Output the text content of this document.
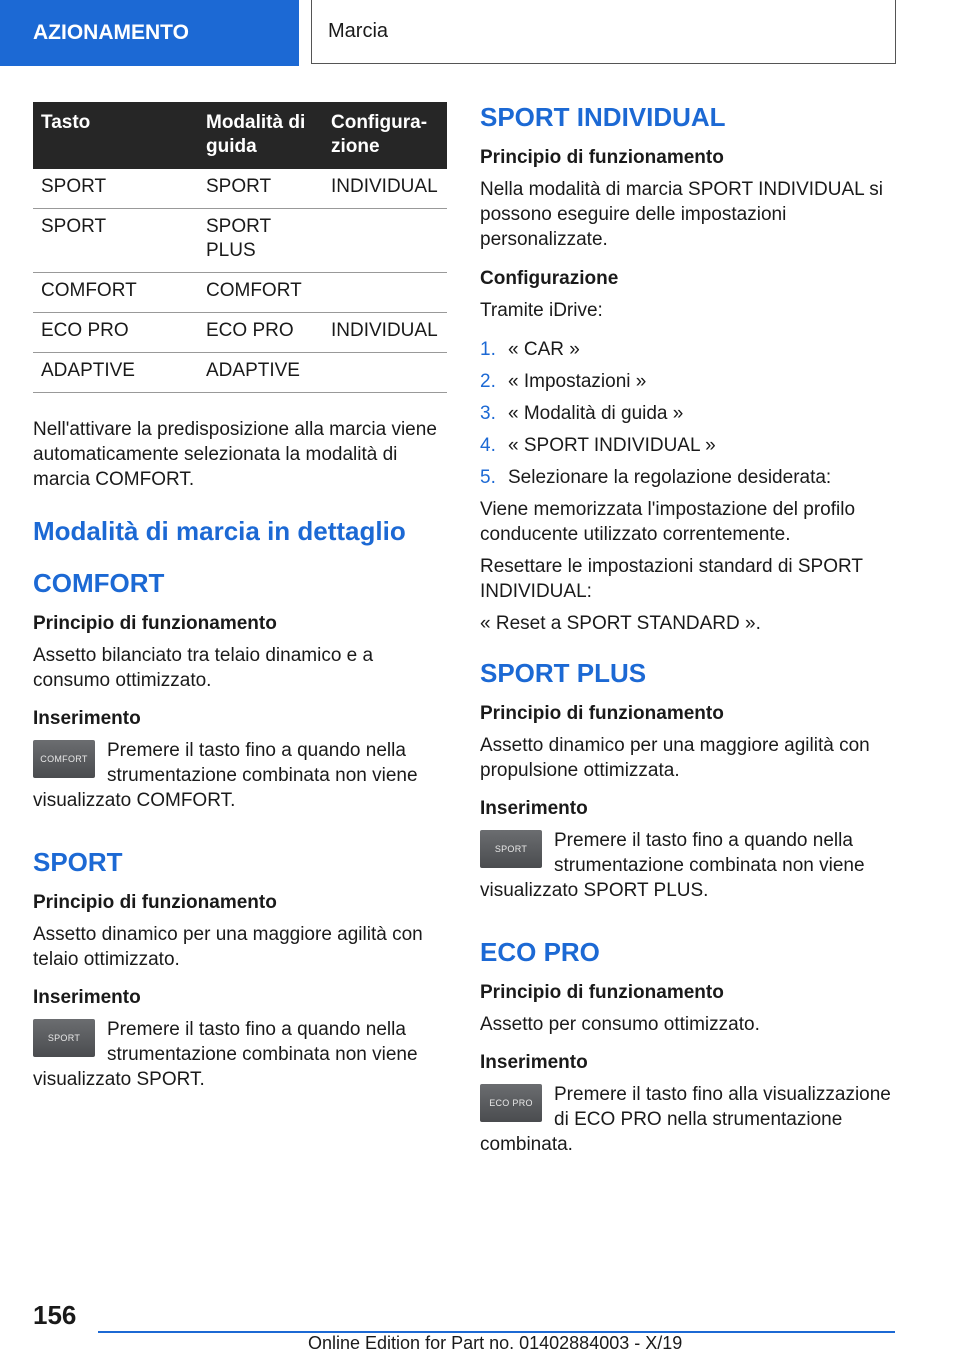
AZIONAMENTO	Marcia
Tasto	Modalità di guida	Configura-zione
SPORT	SPORT	INDIVIDUAL
SPORT	SPORT PLUS	
COMFORT	COMFORT	
ECO PRO	ECO PRO	INDIVIDUAL
ADAPTIVE	ADAPTIVE	

Nell'attivare la predisposizione alla marcia viene automaticamente selezionata la modalità di marcia COMFORT.

Modalità di marcia in dettaglio
COMFORT

Principio di funzionamento

Assetto bilanciato tra telaio dinamico e a consumo ottimizzato.

Inserimento

COMFORT	Premere il tasto fino a quando nella strumentazione combinata non viene visualizzato COMFORT.

SPORT

Principio di funzionamento

Assetto dinamico per una maggiore agilità con telaio ottimizzato.

Inserimento

SPORT	Premere il tasto fino a quando nella strumentazione combinata non viene visualizzato SPORT.

SPORT INDIVIDUAL

Principio di funzionamento

Nella modalità di marcia SPORT INDIVIDUAL si possono eseguire delle impostazioni personalizzate.

Configurazione

Tramite iDrive:

1. « CAR »
2. « Impostazioni »
3. « Modalità di guida »
4. « SPORT INDIVIDUAL »
5. Selezionare la regolazione desiderata:

Viene memorizzata l'impostazione del profilo conducente utilizzato correntemente.

Resettare le impostazioni standard di SPORT INDIVIDUAL:

« Reset a SPORT STANDARD ».

SPORT PLUS

Principio di funzionamento

Assetto dinamico per una maggiore agilità con propulsione ottimizzata.

Inserimento

SPORT	Premere il tasto fino a quando nella strumentazione combinata non viene visualizzato SPORT PLUS.

ECO PRO

Principio di funzionamento

Assetto per consumo ottimizzato.

Inserimento

ECO PRO	Premere il tasto fino alla visualizzazione di ECO PRO nella strumentazione combinata.

156
Online Edition for Part no. 01402884003 - X/19
